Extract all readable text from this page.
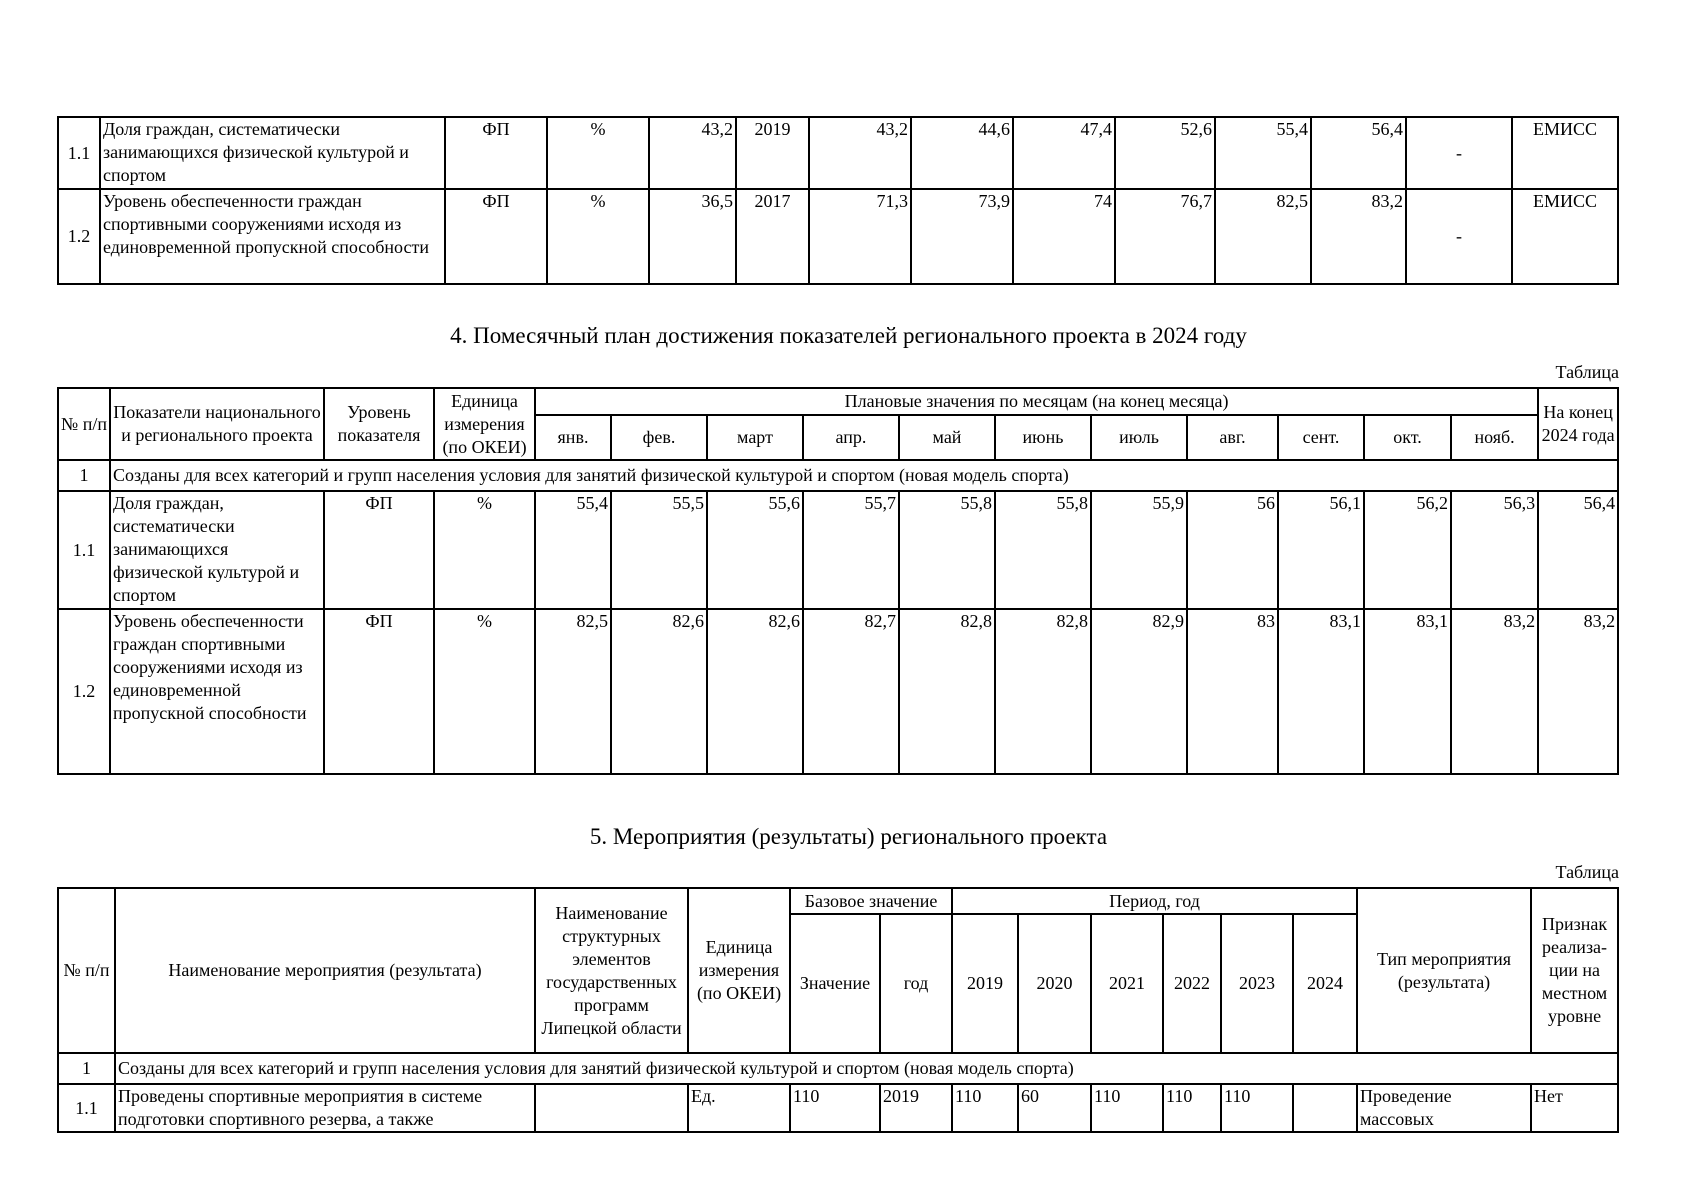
1.1	Доля граждан, систематически занимающихся физической культурой и спортом	ФП	%	43,2	2019	43,2	44,6	47,4	52,6	55,4	56,4	-	ЕМИСС
1.2	Уровень обеспеченности граждан спортивными сооружениями исходя из единовременной пропускной способности	ФП	%	36,5	2017	71,3	73,9	74	76,7	82,5	83,2	-	ЕМИСС
4. Помесячный план достижения показателей регионального проекта в 2024 году
Таблица
№ п/п	Показатели национального и регионального проекта	Уровень показателя	Единица измерения (по ОКЕИ)	Плановые значения по месяцам (на конец месяца)											На конец 2024 года
				янв.	фев.	март	апр.	май	июнь	июль	авг.	сент.	окт.	нояб.	
1	Созданы для всех категорий и групп населения условия для занятий физической культурой и спортом (новая модель спорта)														
1.1	Доля граждан, систематически занимающихся физической культурой и спортом	ФП	%	55,4	55,5	55,6	55,7	55,8	55,8	55,9	56	56,1	56,2	56,3	56,4
1.2	Уровень обеспеченности граждан спортивными сооружениями исходя из единовременной пропускной способности	ФП	%	82,5	82,6	82,6	82,7	82,8	82,8	82,9	83	83,1	83,1	83,2	83,2
5. Мероприятия (результаты) регионального проекта
Таблица
№ п/п	Наименование мероприятия (результата)	Наименование структурных элементов государственных программ Липецкой области	Единица измерения (по ОКЕИ)	Базовое значение		Период, год						Тип мероприятия (результата)	Признак реализа-ции на местном уровне
				Значение	год	2019	2020	2021	2022	2023	2024		
1	Созданы для всех категорий и групп населения условия для занятий физической культурой и спортом (новая модель спорта)												
1.1	Проведены спортивные мероприятия в системе подготовки спортивного резерва, а также		Ед.	110	2019	110	60	110	110	110		Проведение массовых	Нет
